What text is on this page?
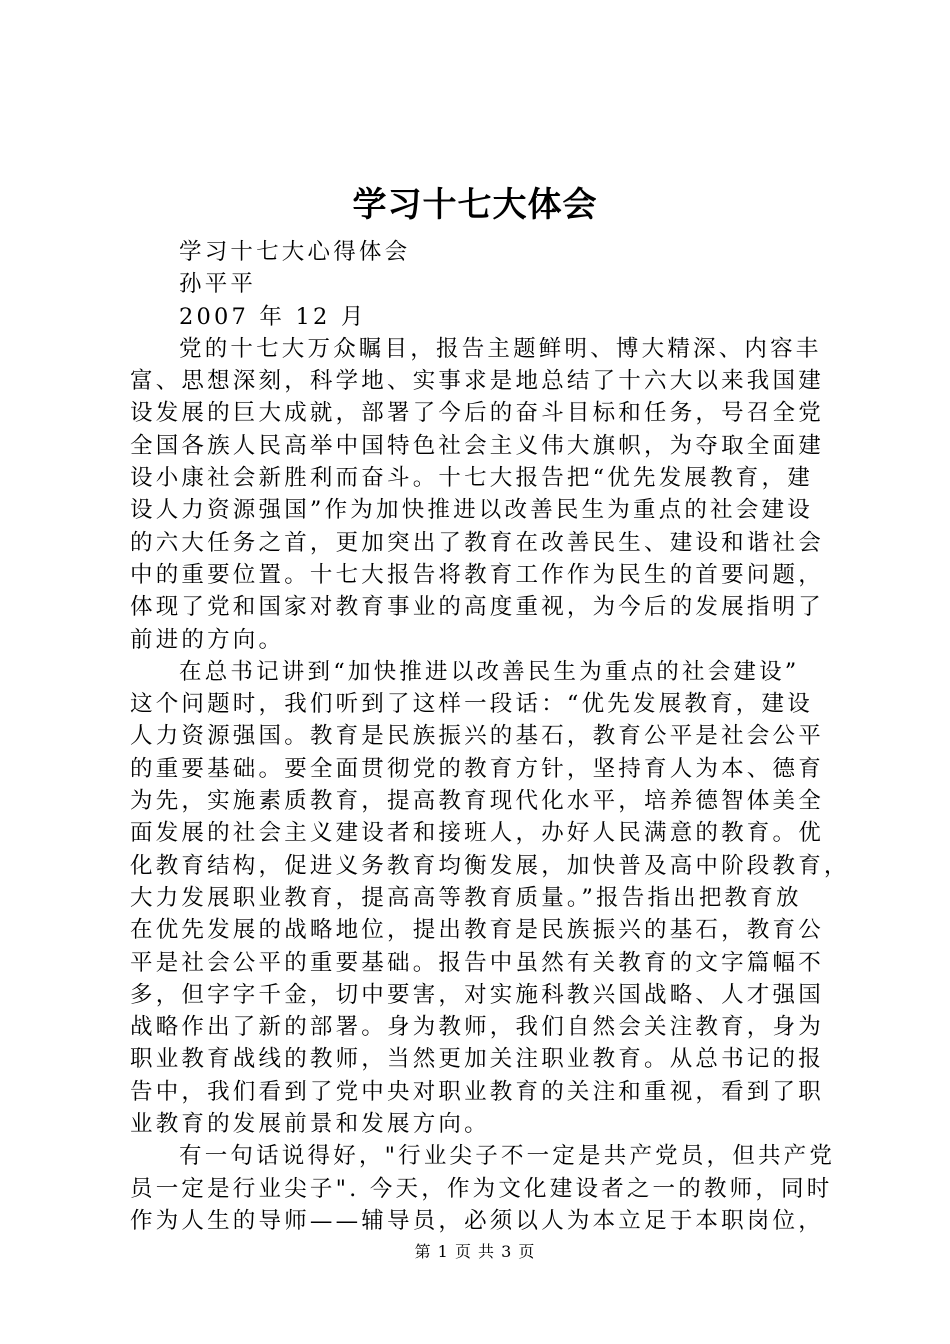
学习十七大体会
学习十七大心得体会
孙平平
2007 年 12 月
党的十七大万众瞩目，报告主题鲜明、博大精深、内容丰
富、思想深刻，科学地、实事求是地总结了十六大以来我国建
设发展的巨大成就，部署了今后的奋斗目标和任务，号召全党
全国各族人民高举中国特色社会主义伟大旗帜，为夺取全面建
设小康社会新胜利而奋斗。十七大报告把“优先发展教育，建
设人力资源强国”作为加快推进以改善民生为重点的社会建设
的六大任务之首，更加突出了教育在改善民生、建设和谐社会
中的重要位置。十七大报告将教育工作作为民生的首要问题，
体现了党和国家对教育事业的高度重视，为今后的发展指明了
前进的方向。
在总书记讲到“加快推进以改善民生为重点的社会建设”
这个问题时，我们听到了这样一段话：“优先发展教育，建设
人力资源强国。教育是民族振兴的基石，教育公平是社会公平
的重要基础。要全面贯彻党的教育方针，坚持育人为本、德育
为先，实施素质教育，提高教育现代化水平，培养德智体美全
面发展的社会主义建设者和接班人，办好人民满意的教育。优
化教育结构，促进义务教育均衡发展，加快普及高中阶段教育，
大力发展职业教育，提高高等教育质量。”报告指出把教育放
在优先发展的战略地位，提出教育是民族振兴的基石，教育公
平是社会公平的重要基础。报告中虽然有关教育的文字篇幅不
多，但字字千金，切中要害，对实施科教兴国战略、人才强国
战略作出了新的部署。身为教师，我们自然会关注教育，身为
职业教育战线的教师，当然更加关注职业教育。从总书记的报
告中，我们看到了党中央对职业教育的关注和重视，看到了职
业教育的发展前景和发展方向。
有一句话说得好，"行业尖子不一定是共产党员，但共产党
员一定是行业尖子". 今天，作为文化建设者之一的教师，同时
作为人生的导师——辅导员，必须以人为本立足于本职岗位，
第 1 页 共 3 页
